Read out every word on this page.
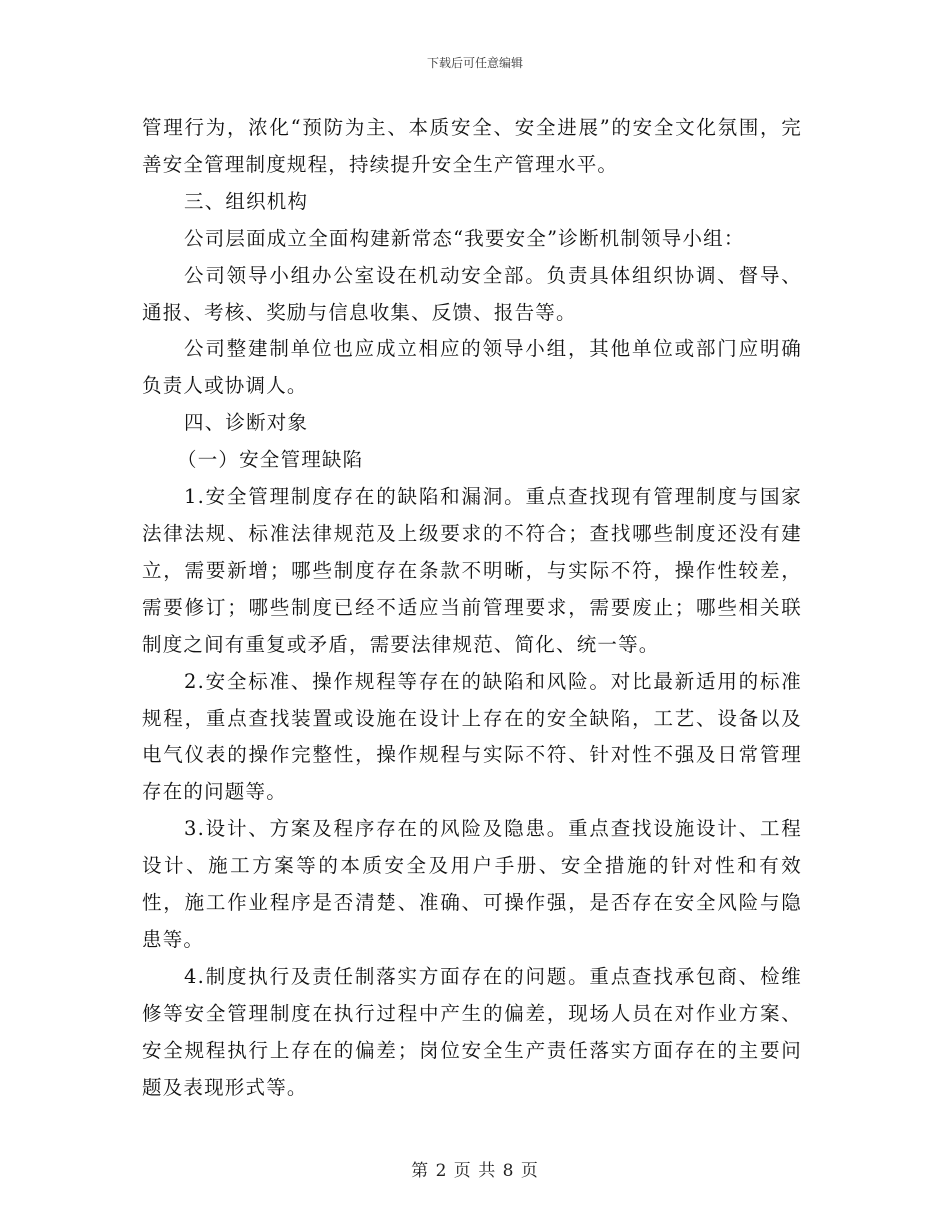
下载后可任意编辑

管理行为，浓化“预防为主、本质安全、安全进展”的安全文化氛围，完善安全管理制度规程，持续提升安全生产管理水平。

三、组织机构

公司层面成立全面构建新常态“我要安全”诊断机制领导小组：

公司领导小组办公室设在机动安全部。负责具体组织协调、督导、通报、考核、奖励与信息收集、反馈、报告等。

公司整建制单位也应成立相应的领导小组，其他单位或部门应明确负责人或协调人。

四、诊断对象

（一）安全管理缺陷

1.安全管理制度存在的缺陷和漏洞。重点查找现有管理制度与国家法律法规、标准法律规范及上级要求的不符合；查找哪些制度还没有建立，需要新增；哪些制度存在条款不明晰，与实际不符，操作性较差，需要修订；哪些制度已经不适应当前管理要求，需要废止；哪些相关联制度之间有重复或矛盾，需要法律规范、简化、统一等。

2.安全标准、操作规程等存在的缺陷和风险。对比最新适用的标准规程，重点查找装置或设施在设计上存在的安全缺陷，工艺、设备以及电气仪表的操作完整性，操作规程与实际不符、针对性不强及日常管理存在的问题等。

3.设计、方案及程序存在的风险及隐患。重点查找设施设计、工程设计、施工方案等的本质安全及用户手册、安全措施的针对性和有效性，施工作业程序是否清楚、准确、可操作强，是否存在安全风险与隐患等。

4.制度执行及责任制落实方面存在的问题。重点查找承包商、检维修等安全管理制度在执行过程中产生的偏差，现场人员在对作业方案、安全规程执行上存在的偏差；岗位安全生产责任落实方面存在的主要问题及表现形式等。

第 2 页 共 8 页
